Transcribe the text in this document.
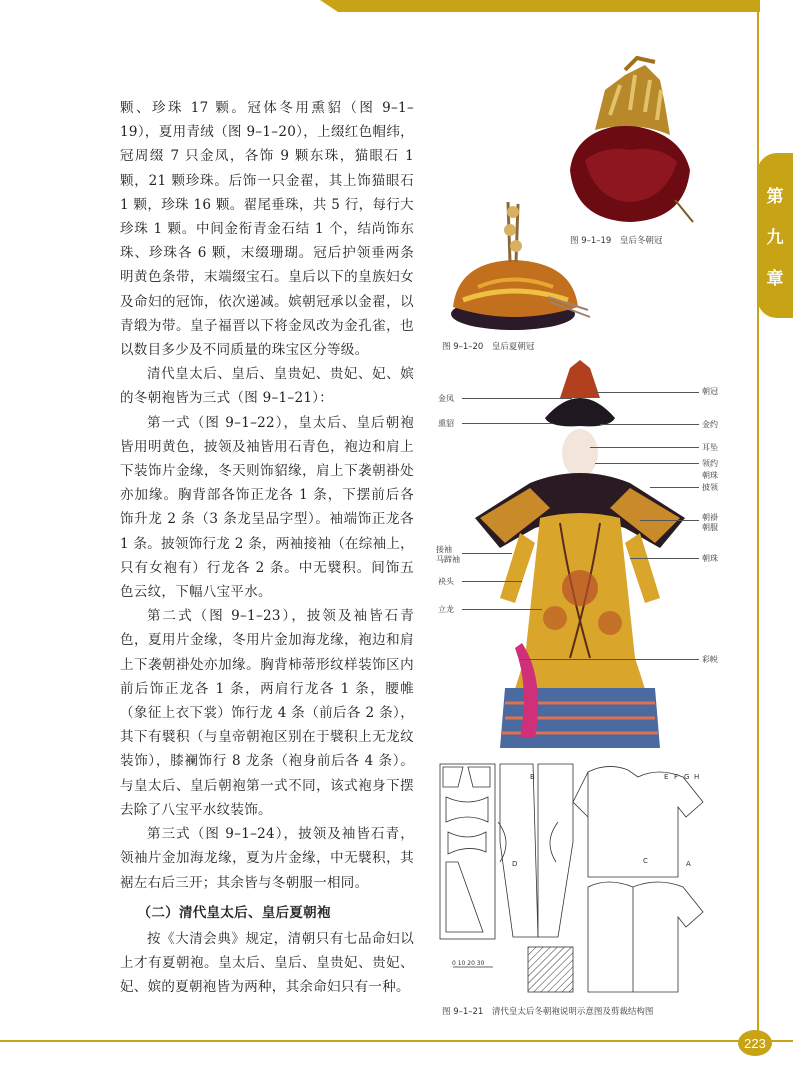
第
九
章
223

颗、珍珠 17 颗。冠体冬用熏貂（图 9–1–19），夏用青绒（图 9–1–20），上缀红色帽纬，冠周缀 7 只金凤，各饰 9 颗东珠，猫眼石 1 颗，21 颗珍珠。后饰一只金翟，其上饰猫眼石 1 颗，珍珠 16 颗。翟尾垂珠，共 5 行，每行大珍珠 1 颗。中间金衔青金石结 1 个，结尚饰东珠、珍珠各 6 颗，末缀珊瑚。冠后护领垂两条明黄色条带，末端缀宝石。皇后以下的皇族妇女及命妇的冠饰，依次递减。嫔朝冠承以金翟，以青缎为带。皇子福晋以下将金凤改为金孔雀，也以数目多少及不同质量的珠宝区分等级。

清代皇太后、皇后、皇贵妃、贵妃、妃、嫔的冬朝袍皆为三式（图 9–1–21）：

第一式（图 9–1–22），皇太后、皇后朝袍皆用明黄色，披领及袖皆用石青色，袍边和肩上下装饰片金缘，冬天则饰貂缘，肩上下袭朝褂处亦加缘。胸背部各饰正龙各 1 条，下摆前后各饰升龙 2 条（3 条龙呈品字型）。袖端饰正龙各 1 条。披领饰行龙 2 条，两袖接袖（在综袖上，只有女袍有）行龙各 2 条。中无襞积。间饰五色云纹，下幅八宝平水。

第二式（图 9–1–23），披领及袖皆石青色，夏用片金缘，冬用片金加海龙缘，袍边和肩上下袭朝褂处亦加缘。胸背柿蒂形纹样装饰区内前后饰正龙各 1 条，两肩行龙各 1 条，腰帷（象征上衣下裳）饰行龙 4 条（前后各 2 条），其下有襞积（与皇帝朝袍区别在于襞积上无龙纹装饰），膝襕饰行 8 龙条（袍身前后各 4 条）。与皇太后、皇后朝袍第一式不同，该式袍身下摆去除了八宝平水纹装饰。

第三式（图 9–1–24），披领及袖皆石青，领袖片金加海龙缘，夏为片金缘，中无襞积，其裾左右后三开；其余皆与冬朝服一相同。

（二）清代皇太后、皇后夏朝袍

按《大清会典》规定，清朝只有七品命妇以上才有夏朝袍。皇太后、皇后、皇贵妃、贵妃、妃、嫔的夏朝袍皆为两种，其余命妇只有一种。

图 9–1–19　皇后冬朝冠
图 9–1–20　皇后夏朝冠
金凤
熏貂
接袖
马蹄袖
袂头
立龙
朝冠
金约
耳坠
领约
朝珠
披领
朝褂
朝服
朝珠
彩帨
0 10 20 30
B
C	A
D
E F G H
图 9–1–21　清代皇太后冬朝袍说明示意图及剪裁结构图
